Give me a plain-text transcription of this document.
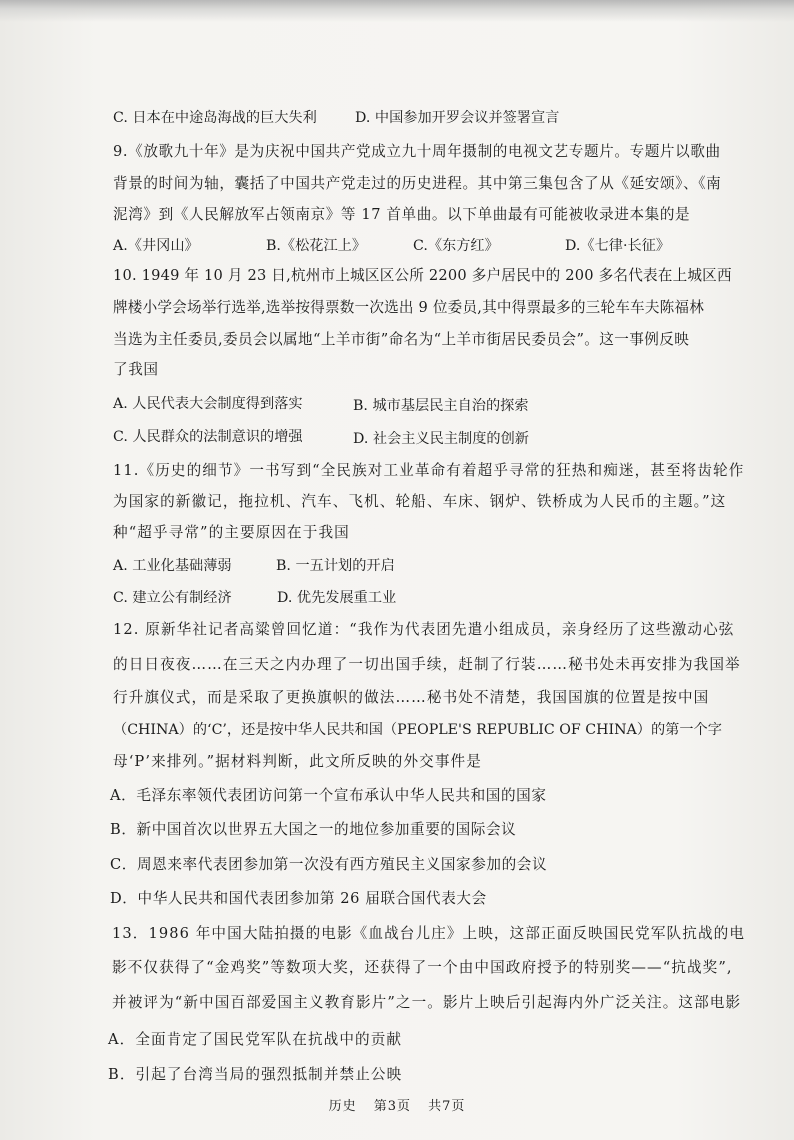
C. 日本在中途岛海战的巨大失利	D. 中国参加开罗会议并签署宣言
9.《放歌九十年》是为庆祝中国共产党成立九十周年摄制的电视文艺专题片。专题片以歌曲
背景的时间为轴，囊括了中国共产党走过的历史进程。其中第三集包含了从《延安颂》、《南
泥湾》到《人民解放军占领南京》等 17 首单曲。以下单曲最有可能被收录进本集的是
A.《井冈山》	B.《松花江上》	C.《东方红》	D.《七律·长征》
10. 1949 年 10 月 23 日,杭州市上城区区公所 2200 多户居民中的 200 多名代表在上城区西
牌楼小学会场举行选举,选举按得票数一次选出 9 位委员,其中得票最多的三轮车车夫陈福林
当选为主任委员,委员会以属地“上羊市街”命名为“上羊市街居民委员会”。这一事例反映
了我国
A. 人民代表大会制度得到落实	B. 城市基层民主自治的探索
C. 人民群众的法制意识的增强	D. 社会主义民主制度的创新
11.《历史的细节》一书写到“全民族对工业革命有着超乎寻常的狂热和痴迷，甚至将齿轮作
为国家的新徽记，拖拉机、汽车、飞机、轮船、车床、钢炉、铁桥成为人民币的主题。”这
种“超乎寻常”的主要原因在于我国
A. 工业化基础薄弱	B. 一五计划的开启
C. 建立公有制经济	D. 优先发展重工业
12. 原新华社记者高粱曾回忆道：“我作为代表团先遣小组成员，亲身经历了这些激动心弦
的日日夜夜……在三天之内办理了一切出国手续，赶制了行装……秘书处未再安排为我国举
行升旗仪式，而是采取了更换旗帜的做法……秘书处不清楚，我国国旗的位置是按中国
（CHINA）的‘C’，还是按中华人民共和国（PEOPLE'S REPUBLIC OF CHINA）的第一个字
母‘P’来排列。”据材料判断，此文所反映的外交事件是
A．毛泽东率领代表团访问第一个宣布承认中华人民共和国的国家
B．新中国首次以世界五大国之一的地位参加重要的国际会议
C．周恩来率代表团参加第一次没有西方殖民主义国家参加的会议
D．中华人民共和国代表团参加第 26 届联合国代表大会
13．1986 年中国大陆拍摄的电影《血战台儿庄》上映，这部正面反映国民党军队抗战的电
影不仅获得了“金鸡奖”等数项大奖，还获得了一个由中国政府授予的特别奖——“抗战奖”,
并被评为“新中国百部爱国主义教育影片”之一。影片上映后引起海内外广泛关注。这部电影
A．全面肯定了国民党军队在抗战中的贡献
B．引起了台湾当局的强烈抵制并禁止公映
历史 第3页 共7页
